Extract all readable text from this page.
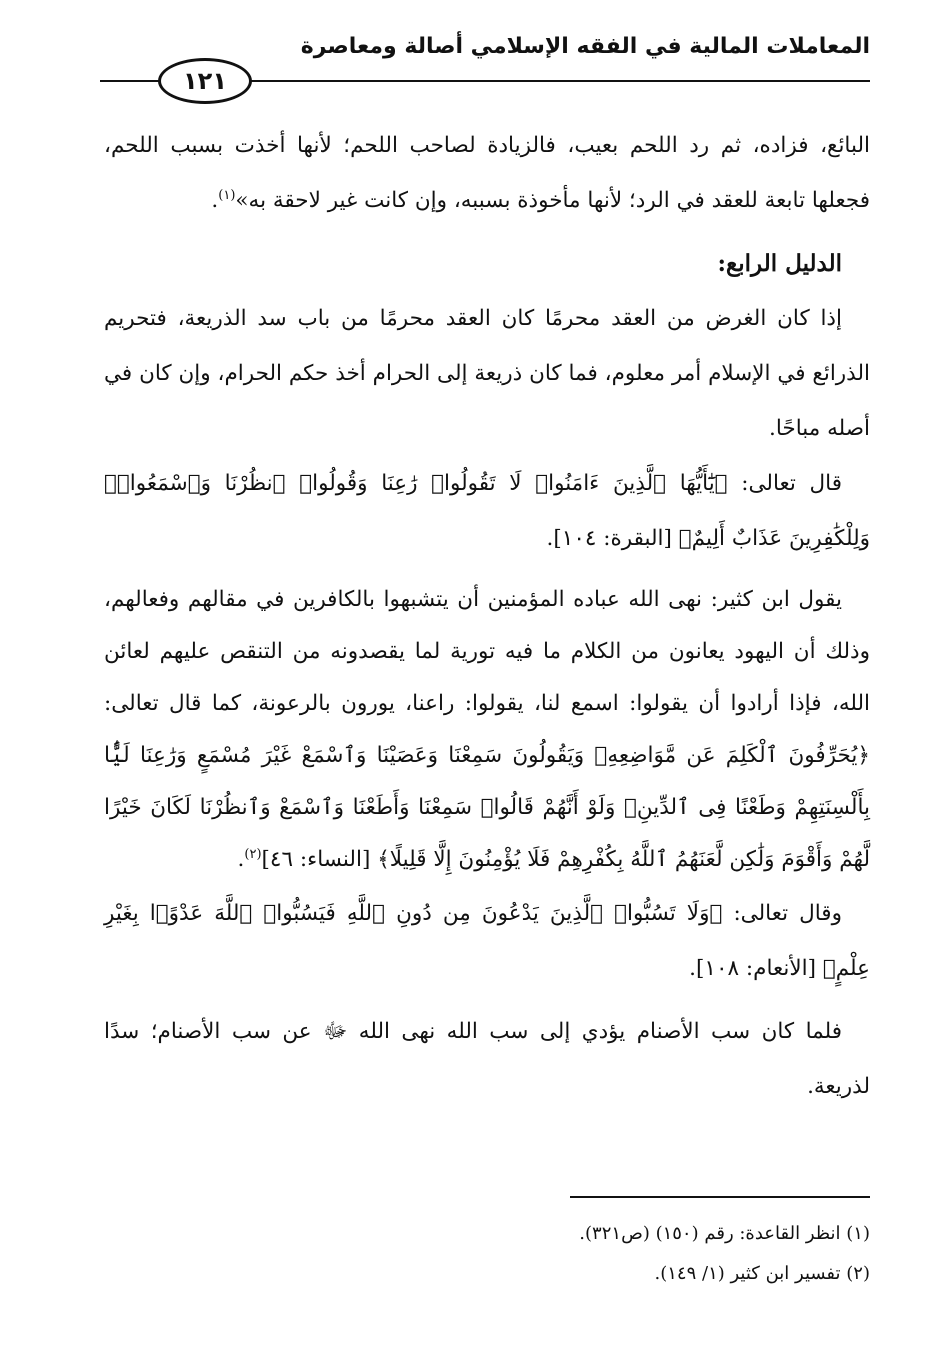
المعاملات المالية في الفقه الإسلامي أصالة ومعاصرة
١٢١

البائع، فزاده، ثم رد اللحم بعيب، فالزيادة لصاحب اللحم؛ لأنها أخذت بسبب اللحم، فجعلها تابعة للعقد في الرد؛ لأنها مأخوذة بسببه، وإن كانت غير لاحقة به»$^{(١)}$.

الدليل الرابع:

إذا كان الغرض من العقد محرمًا كان العقد محرمًا من باب سد الذريعة، فتحريم الذرائع في الإسلام أمر معلوم، فما كان ذريعة إلى الحرام أخذ حكم الحرام، وإن كان في أصله مباحًا.

قال تعالى: ﴿يَٰٓأَيُّهَا ٱلَّذِينَ ءَامَنُوا۟ لَا تَقُولُوا۟ رَٰعِنَا وَقُولُوا۟ ٱنظُرْنَا وَٱسْمَعُوا۟ۗ وَلِلْكَٰفِرِينَ عَذَابٌ أَلِيمٌ﴾ [البقرة: ١٠٤].

يقول ابن كثير: نهى الله عباده المؤمنين أن يتشبهوا بالكافرين في مقالهم وفعالهم، وذلك أن اليهود يعانون من الكلام ما فيه تورية لما يقصدونه من التنقص عليهم لعائن الله، فإذا أرادوا أن يقولوا: اسمع لنا، يقولوا: راعنا، يورون بالرعونة، كما قال تعالى: ﴿يُحَرِّفُونَ ٱلْكَلِمَ عَن مَّوَاضِعِهِۦ وَيَقُولُونَ سَمِعْنَا وَعَصَيْنَا وَٱسْمَعْ غَيْرَ مُسْمَعٍ وَرَٰعِنَا لَيًّۢا بِأَلْسِنَتِهِمْ وَطَعْنًا فِى ٱلدِّينِۚ وَلَوْ أَنَّهُمْ قَالُوا۟ سَمِعْنَا وَأَطَعْنَا وَٱسْمَعْ وَٱنظُرْنَا لَكَانَ خَيْرًا لَّهُمْ وَأَقْوَمَ وَلَٰكِن لَّعَنَهُمُ ٱللَّهُ بِكُفْرِهِمْ فَلَا يُؤْمِنُونَ إِلَّا قَلِيلًا﴾ [النساء: ٤٦]$^{(٢)}$.

وقال تعالى: ﴿وَلَا تَسُبُّوا۟ ٱلَّذِينَ يَدْعُونَ مِن دُونِ ٱللَّهِ فَيَسُبُّوا۟ ٱللَّهَ عَدْوًۢا بِغَيْرِ عِلْمٍ﴾ [الأنعام: ١٠٨].

فلما كان سب الأصنام يؤدي إلى سب الله نهى الله ﷻ عن سب الأصنام؛ سدًا لذريعة.

(١) انظر القاعدة: رقم (١٥٠) (ص٣٢١).

(٢) تفسير ابن كثير (١/ ١٤٩).
